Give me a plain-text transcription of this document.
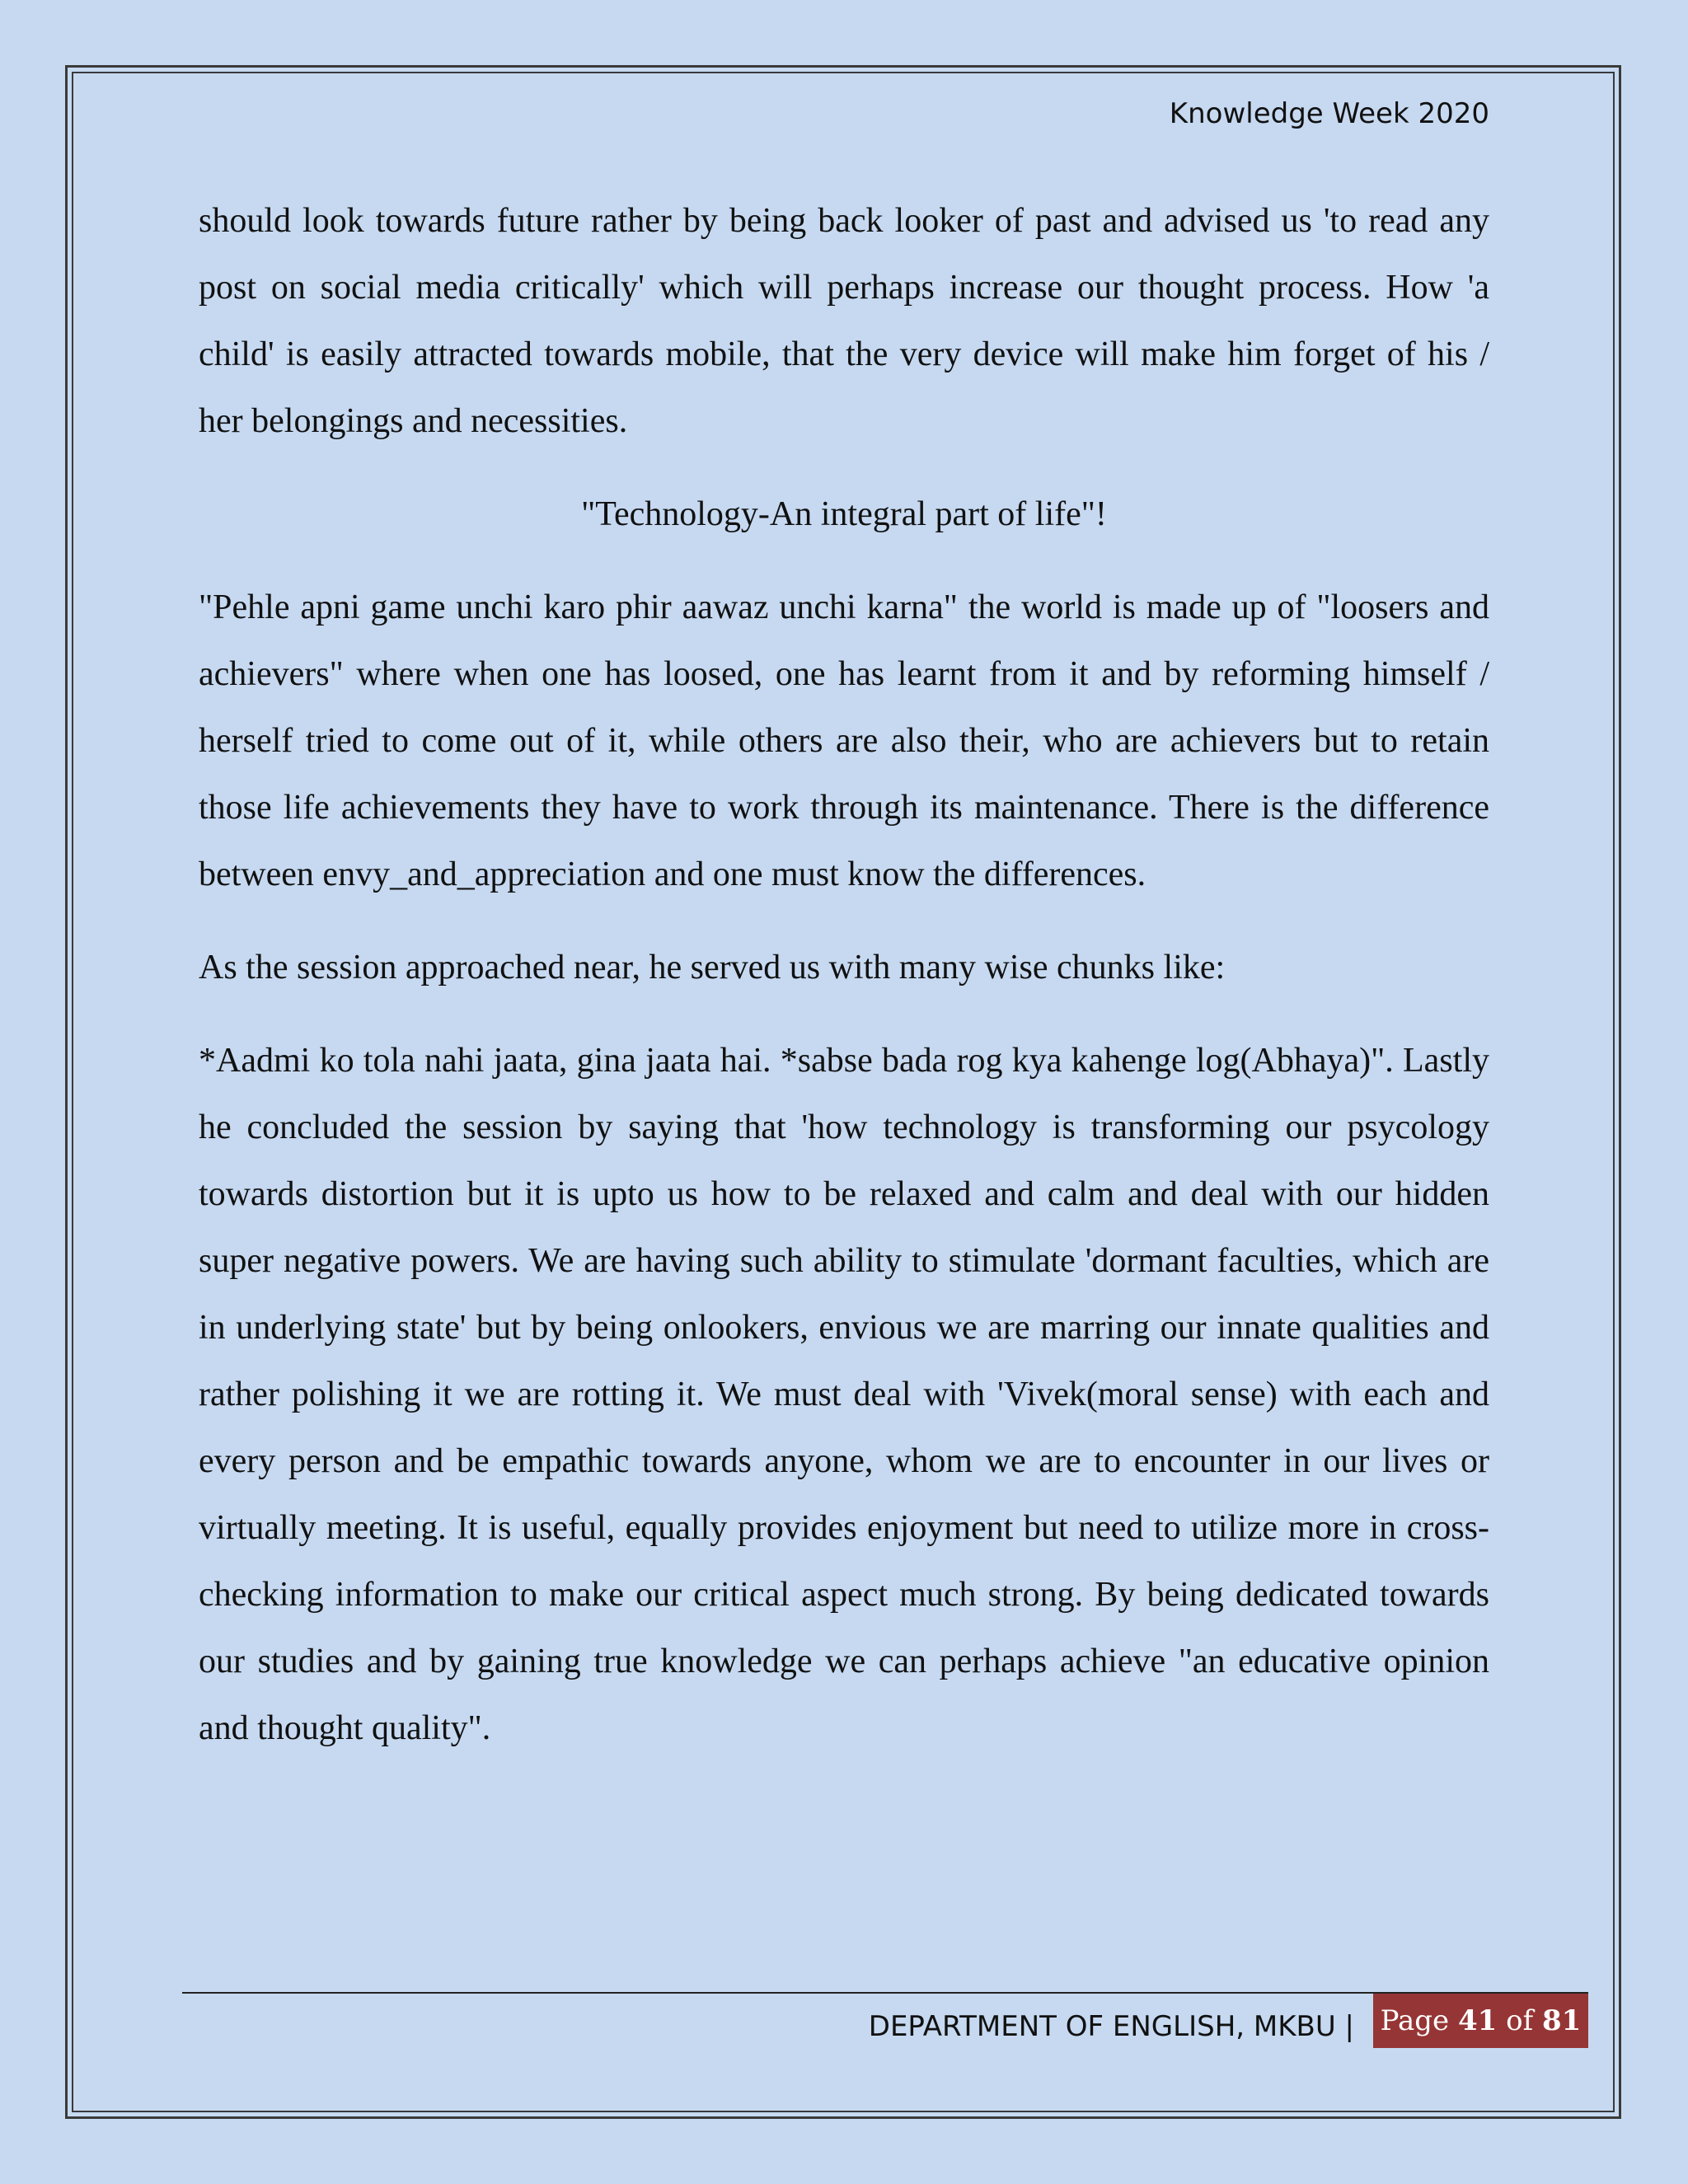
Knowledge Week 2020

should look towards future rather by being back looker of past and advised us 'to read any post on social media critically' which will perhaps increase our thought process. How 'a child' is easily attracted towards mobile, that the very device will make him forget of his / her belongings and necessities.

"Technology-An integral part of life"!

"Pehle apni game unchi karo phir aawaz unchi karna" the world is made up of "loosers and achievers" where when one has loosed, one has learnt from it and by reforming himself / herself tried to come out of it, while others are also their, who are achievers but to retain those life achievements they have to work through its maintenance. There is the difference between envy_and_appreciation and one must know the differences.

As the session approached near, he served us with many wise chunks like:

*Aadmi ko tola nahi jaata, gina jaata hai. *sabse bada rog kya kahenge log(Abhaya)". Lastly he concluded the session by saying that 'how technology is transforming our psycology towards distortion but it is upto us how to be relaxed and calm and deal with our hidden super negative powers. We are having such ability to stimulate 'dormant faculties, which are in underlying state' but by being onlookers, envious we are marring our innate qualities and rather polishing it we are rotting it. We must deal with 'Vivek(moral sense) with each and every person and be empathic towards anyone, whom we are to encounter in our lives or virtually meeting. It is useful, equally provides enjoyment but need to utilize more in cross-checking information to make our critical aspect much strong. By being dedicated towards our studies and by gaining true knowledge we can perhaps achieve "an educative opinion and thought quality".

DEPARTMENT OF ENGLISH, MKBU | Page 41 of 81
